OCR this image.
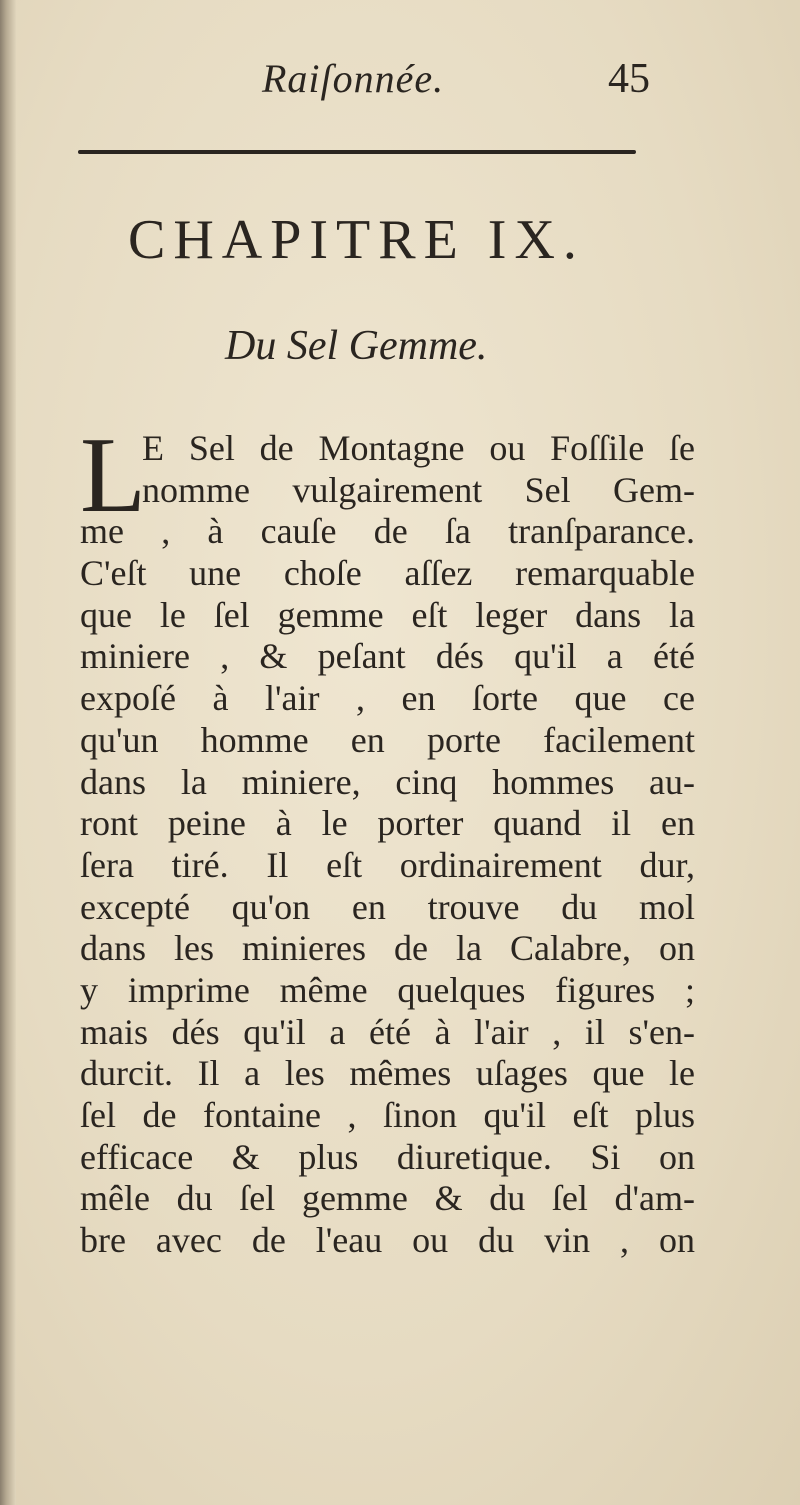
Raiſonnée.	45
CHAPITRE IX.
Du Sel Gemme.
L
E Sel de Montagne ou Foſſile ſe
nomme vulgairement Sel Gem-
me , à cauſe de ſa tranſparance.
C'eſt une choſe aſſez remarquable
que le ſel gemme eſt leger dans la
miniere , & peſant dés qu'il a été
expoſé à l'air , en ſorte que ce
qu'un homme en porte facilement
dans la miniere, cinq hommes au-
ront peine à le porter quand il en
ſera tiré. Il eſt ordinairement dur,
excepté qu'on en trouve du mol
dans les minieres de la Calabre, on
y imprime même quelques figures ;
mais dés qu'il a été à l'air , il s'en-
durcit. Il a les mêmes uſages que le
ſel de fontaine , ſinon qu'il eſt plus
efficace & plus diuretique. Si on
mêle du ſel gemme & du ſel d'am-
bre avec de l'eau ou du vin , on
